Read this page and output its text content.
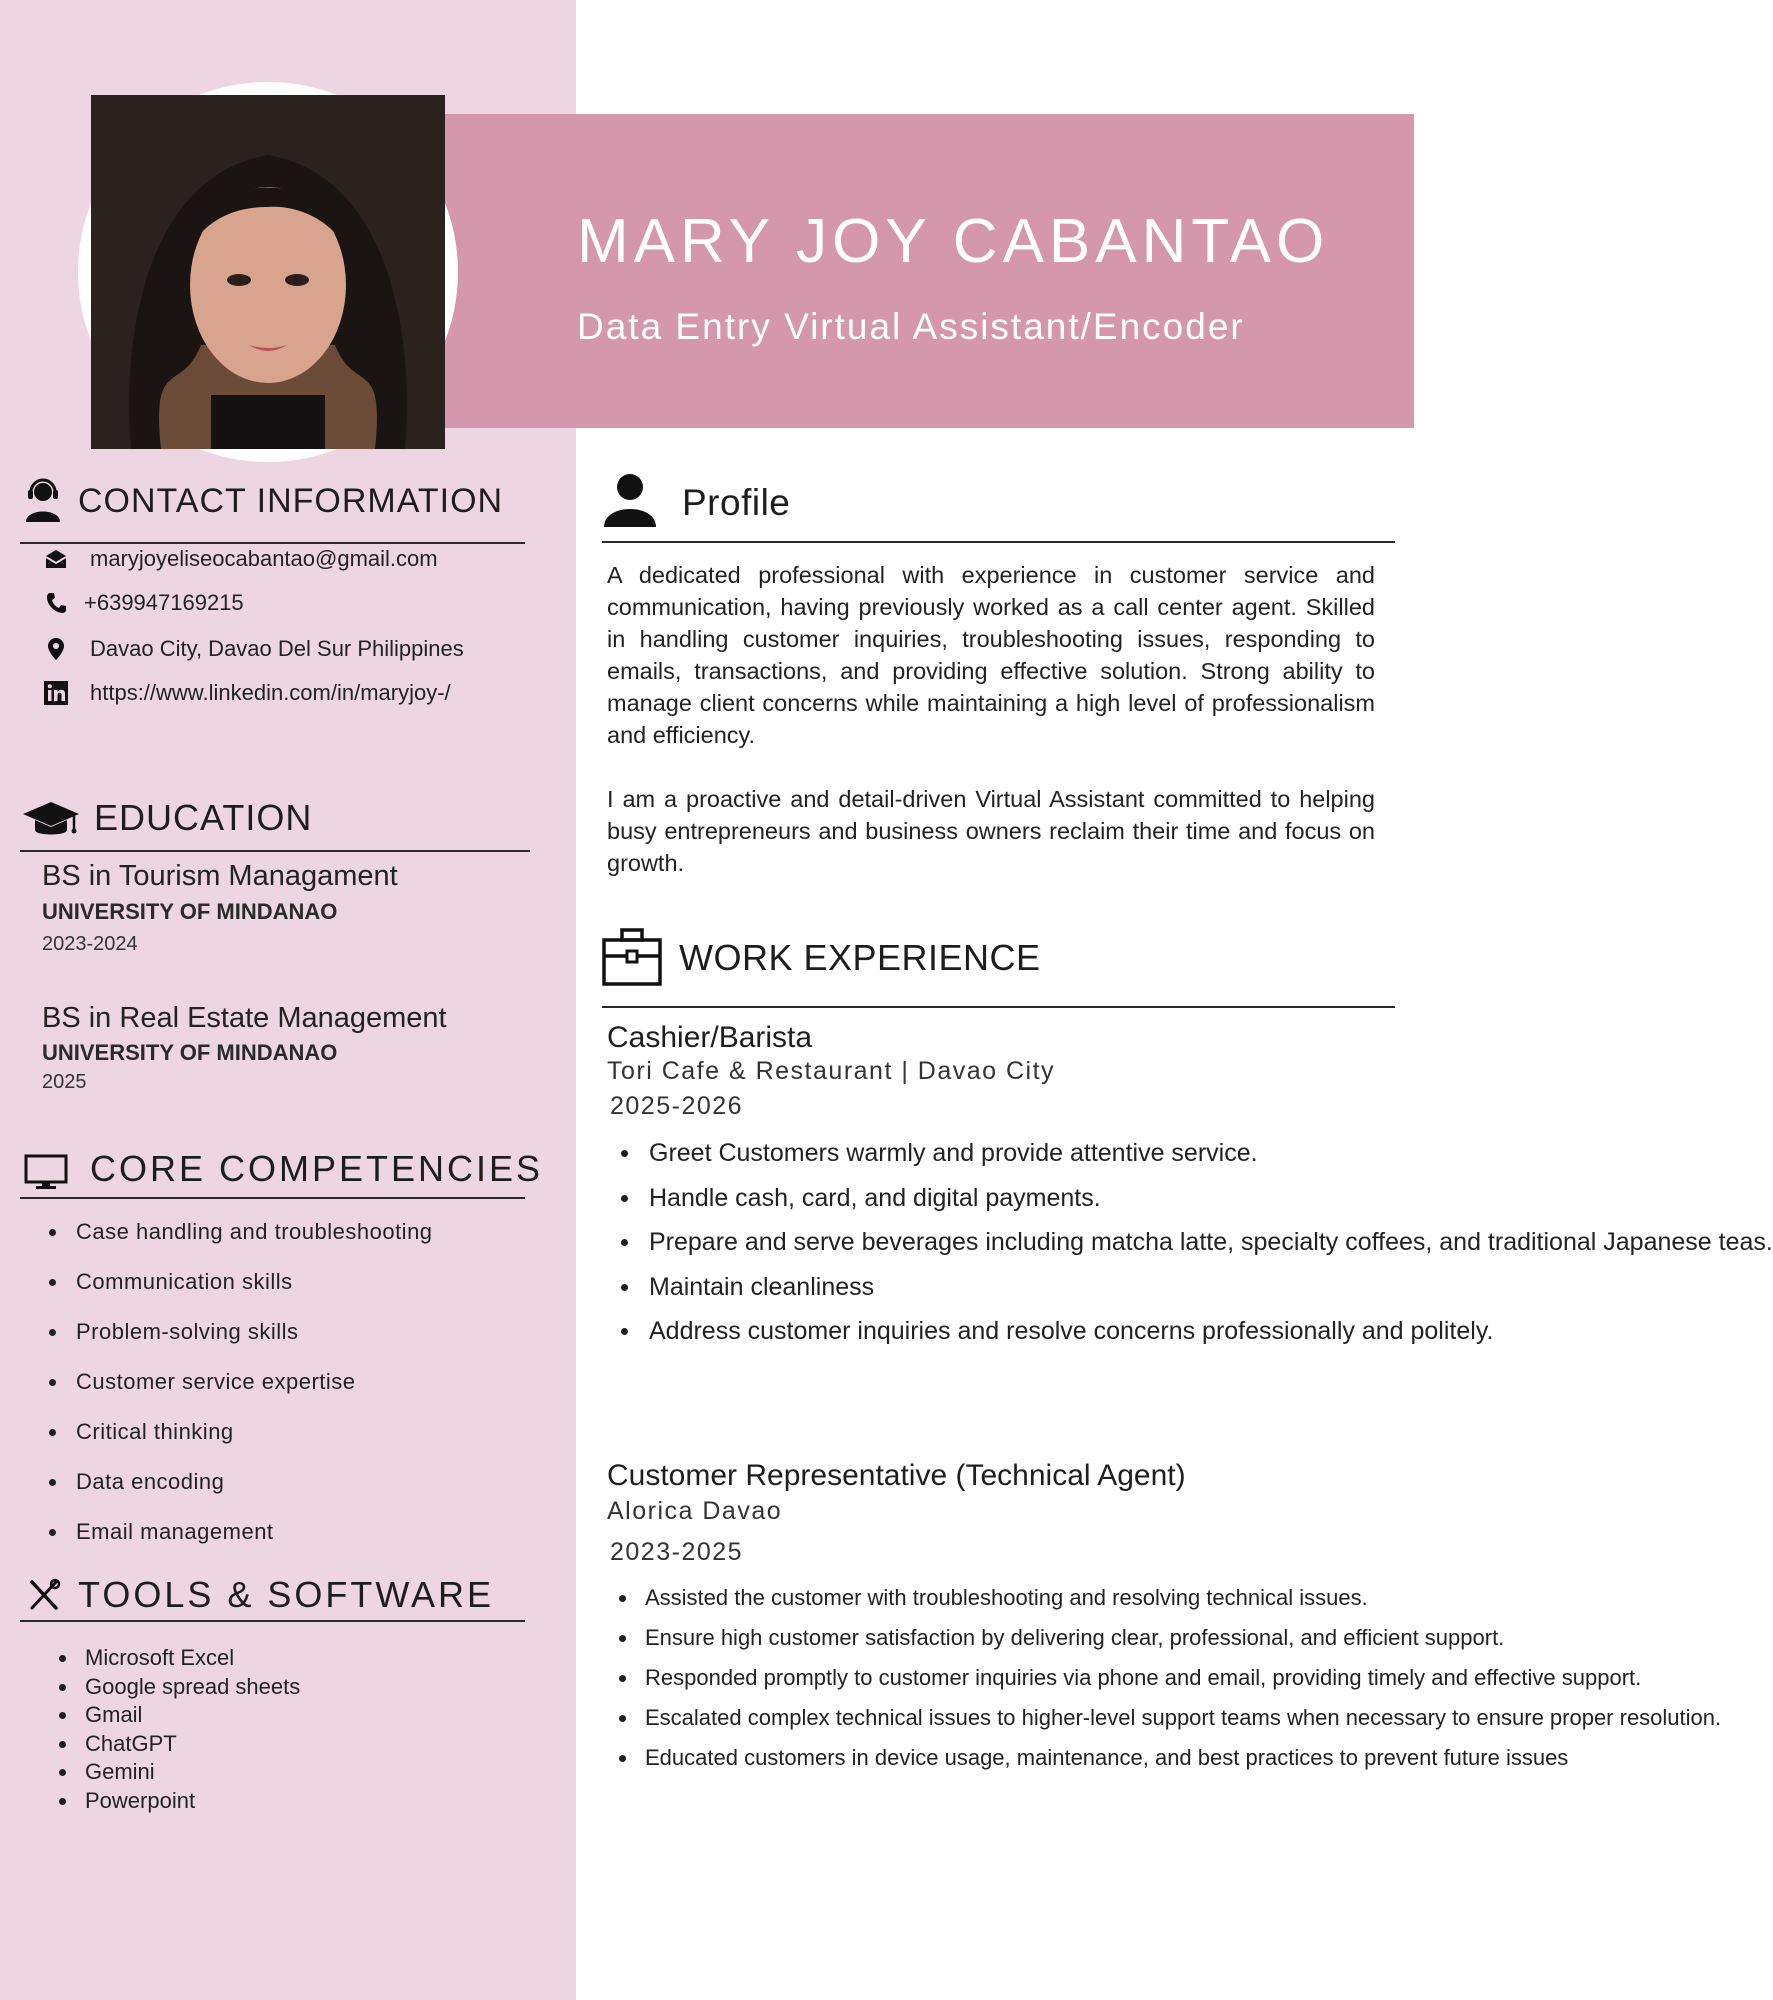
MARY JOY CABANTAO
Data Entry Virtual Assistant/Encoder
CONTACT INFORMATION
maryjoyeliseocabantao@gmail.com
+639947169215
Davao City, Davao Del Sur Philippines
https://www.linkedin.com/in/maryjoy-/
EDUCATION
BS in Tourism Managament
UNIVERSITY OF MINDANAO
2023-2024
BS in Real Estate Management
UNIVERSITY OF MINDANAO
2025
CORE COMPETENCIES
Case handling and troubleshooting
Communication skills
Problem-solving skills
Customer service expertise
Critical thinking
Data encoding
Email management
TOOLS & SOFTWARE
Microsoft Excel
Google spread sheets
Gmail
ChatGPT
Gemini
Powerpoint
Profile

A dedicated professional with experience in customer service and communication, having previously worked as a call center agent. Skilled in handling customer inquiries, troubleshooting issues, responding to emails, transactions, and providing effective solution. Strong ability to manage client concerns while maintaining a high level of professionalism and efficiency.

I am a proactive and detail-driven Virtual Assistant committed to helping busy entrepreneurs and business owners reclaim their time and focus on growth.

WORK EXPERIENCE
Cashier/Barista
Tori Cafe & Restaurant | Davao City
2025-2026
Greet Customers warmly and provide attentive service.
Handle cash, card, and digital payments.
Prepare and serve beverages including matcha latte, specialty coffees, and traditional Japanese teas.
Maintain cleanliness
Address customer inquiries and resolve concerns professionally and politely.
Customer Representative (Technical Agent)
Alorica Davao
2023-2025
Assisted the customer with troubleshooting and resolving technical issues.
Ensure high customer satisfaction by delivering clear, professional, and efficient support.
Responded promptly to customer inquiries via phone and email, providing timely and effective support.
Escalated complex technical issues to higher-level support teams when necessary to ensure proper resolution.
Educated customers in device usage, maintenance, and best practices to prevent future issues
